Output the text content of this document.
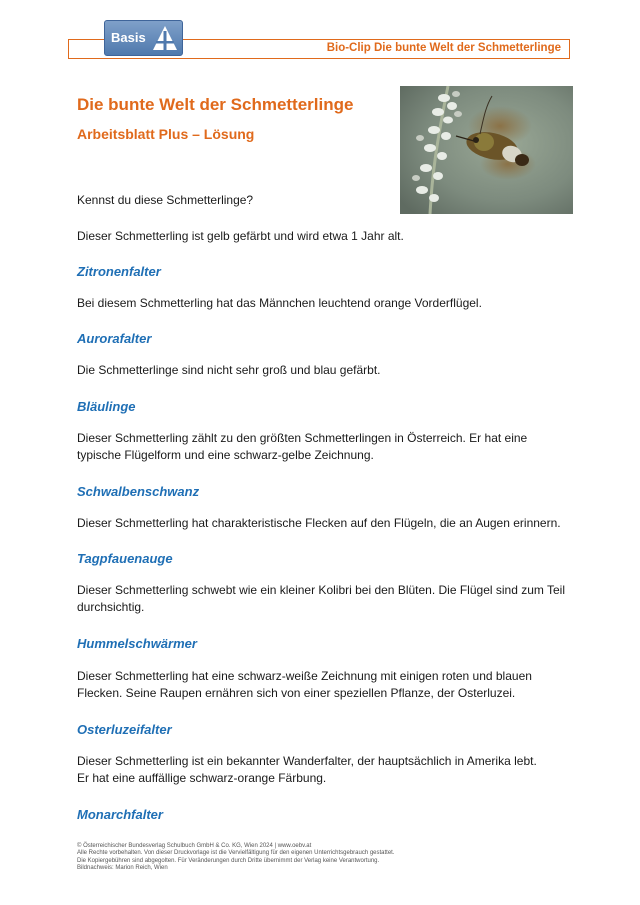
Bio-Clip Die bunte Welt der Schmetterlinge
Basis
Die bunte Welt der Schmetterlinge
Arbeitsblatt Plus – Lösung
Kennst du diese Schmetterlinge?
Dieser Schmetterling ist gelb gefärbt und wird etwa 1 Jahr alt.
Zitronenfalter
Bei diesem Schmetterling hat das Männchen leuchtend orange Vorderflügel.
Aurorafalter
Die Schmetterlinge sind nicht sehr groß und blau gefärbt.
Bläulinge
Dieser Schmetterling zählt zu den größten Schmetterlingen in Österreich. Er hat eine
typische Flügelform und eine schwarz-gelbe Zeichnung.
Schwalbenschwanz
Dieser Schmetterling hat charakteristische Flecken auf den Flügeln, die an Augen erinnern.
Tagpfauenauge
Dieser Schmetterling schwebt wie ein kleiner Kolibri bei den Blüten. Die Flügel sind zum Teil
durchsichtig.
Hummelschwärmer
Dieser Schmetterling hat eine schwarz-weiße Zeichnung mit einigen roten und blauen
Flecken. Seine Raupen ernähren sich von einer speziellen Pflanze, der Osterluzei.
Osterluzeifalter
Dieser Schmetterling ist ein bekannter Wanderfalter, der hauptsächlich in Amerika lebt.
Er hat eine auffällige schwarz-orange Färbung.
Monarchfalter
© Österreichischer Bundesverlag Schulbuch GmbH & Co. KG, Wien 2024 | www.oebv.at
Alle Rechte vorbehalten. Von dieser Druckvorlage ist die Vervielfältigung für den eigenen Unterrichtsgebrauch gestattet.
Die Kopiergebühren sind abgegolten. Für Veränderungen durch Dritte übernimmt der Verlag keine Verantwortung.
Bildnachweis: Marion Reich, Wien
